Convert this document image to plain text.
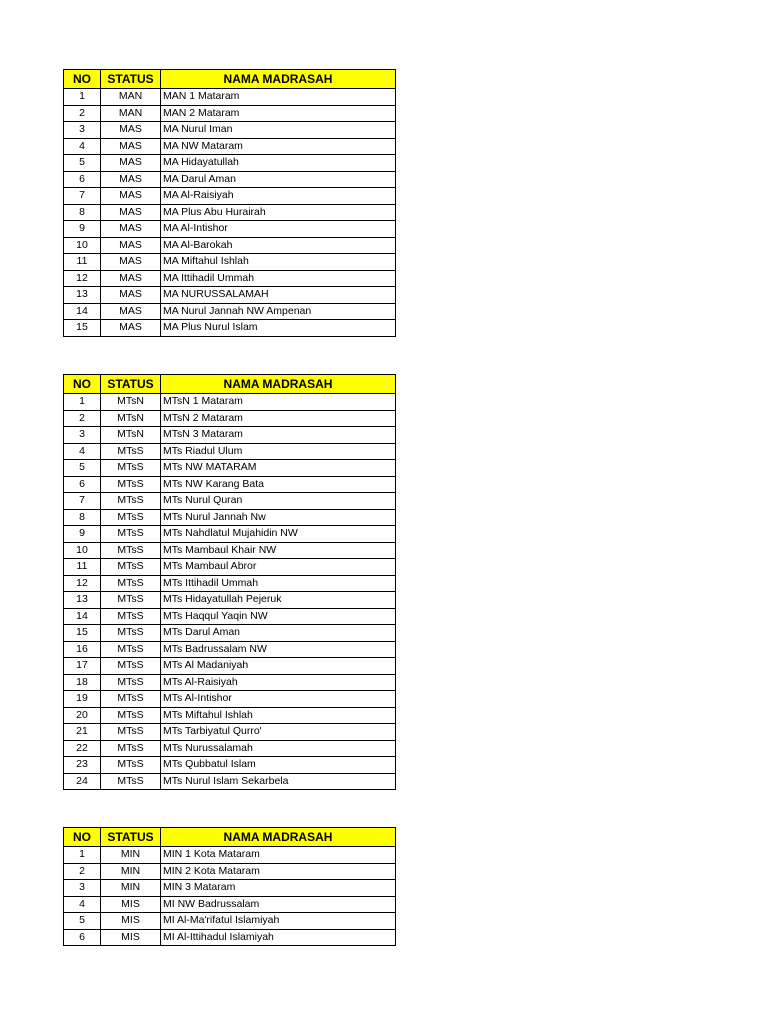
NO	STATUS	NAMA MADRASAH
1	MAN	MAN 1 Mataram
2	MAN	MAN 2 Mataram
3	MAS	MA Nurul Iman
4	MAS	MA NW Mataram
5	MAS	MA Hidayatullah
6	MAS	MA Darul Aman
7	MAS	MA Al-Raisiyah
8	MAS	MA Plus Abu Hurairah
9	MAS	MA Al-Intishor
10	MAS	MA Al-Barokah
11	MAS	MA Miftahul Ishlah
12	MAS	MA Ittihadil Ummah
13	MAS	MA NURUSSALAMAH
14	MAS	MA Nurul Jannah NW Ampenan
15	MAS	MA Plus Nurul Islam
NO	STATUS	NAMA MADRASAH
1	MTsN	MTsN 1 Mataram
2	MTsN	MTsN 2 Mataram
3	MTsN	MTsN 3 Mataram
4	MTsS	MTs Riadul Ulum
5	MTsS	MTs NW MATARAM
6	MTsS	MTs NW Karang Bata
7	MTsS	MTs Nurul Quran
8	MTsS	MTs Nurul Jannah Nw
9	MTsS	MTs Nahdlatul Mujahidin NW
10	MTsS	MTs Mambaul Khair NW
11	MTsS	MTs Mambaul Abror
12	MTsS	MTs Ittihadil Ummah
13	MTsS	MTs Hidayatullah Pejeruk
14	MTsS	MTs Haqqul Yaqin NW
15	MTsS	MTs Darul Aman
16	MTsS	MTs Badrussalam NW
17	MTsS	MTs Al Madaniyah
18	MTsS	MTs Al-Raisiyah
19	MTsS	MTs Al-Intishor
20	MTsS	MTs Miftahul Ishlah
21	MTsS	MTs Tarbiyatul Qurro'
22	MTsS	MTs Nurussalamah
23	MTsS	MTs Qubbatul Islam
24	MTsS	MTs Nurul Islam Sekarbela
NO	STATUS	NAMA MADRASAH
1	MIN	MIN 1 Kota Mataram
2	MIN	MIN 2 Kota Mataram
3	MIN	MIN 3 Mataram
4	MIS	MI NW Badrussalam
5	MIS	MI Al-Ma'rifatul Islamiyah
6	MIS	MI Al-Ittihadul Islamiyah
